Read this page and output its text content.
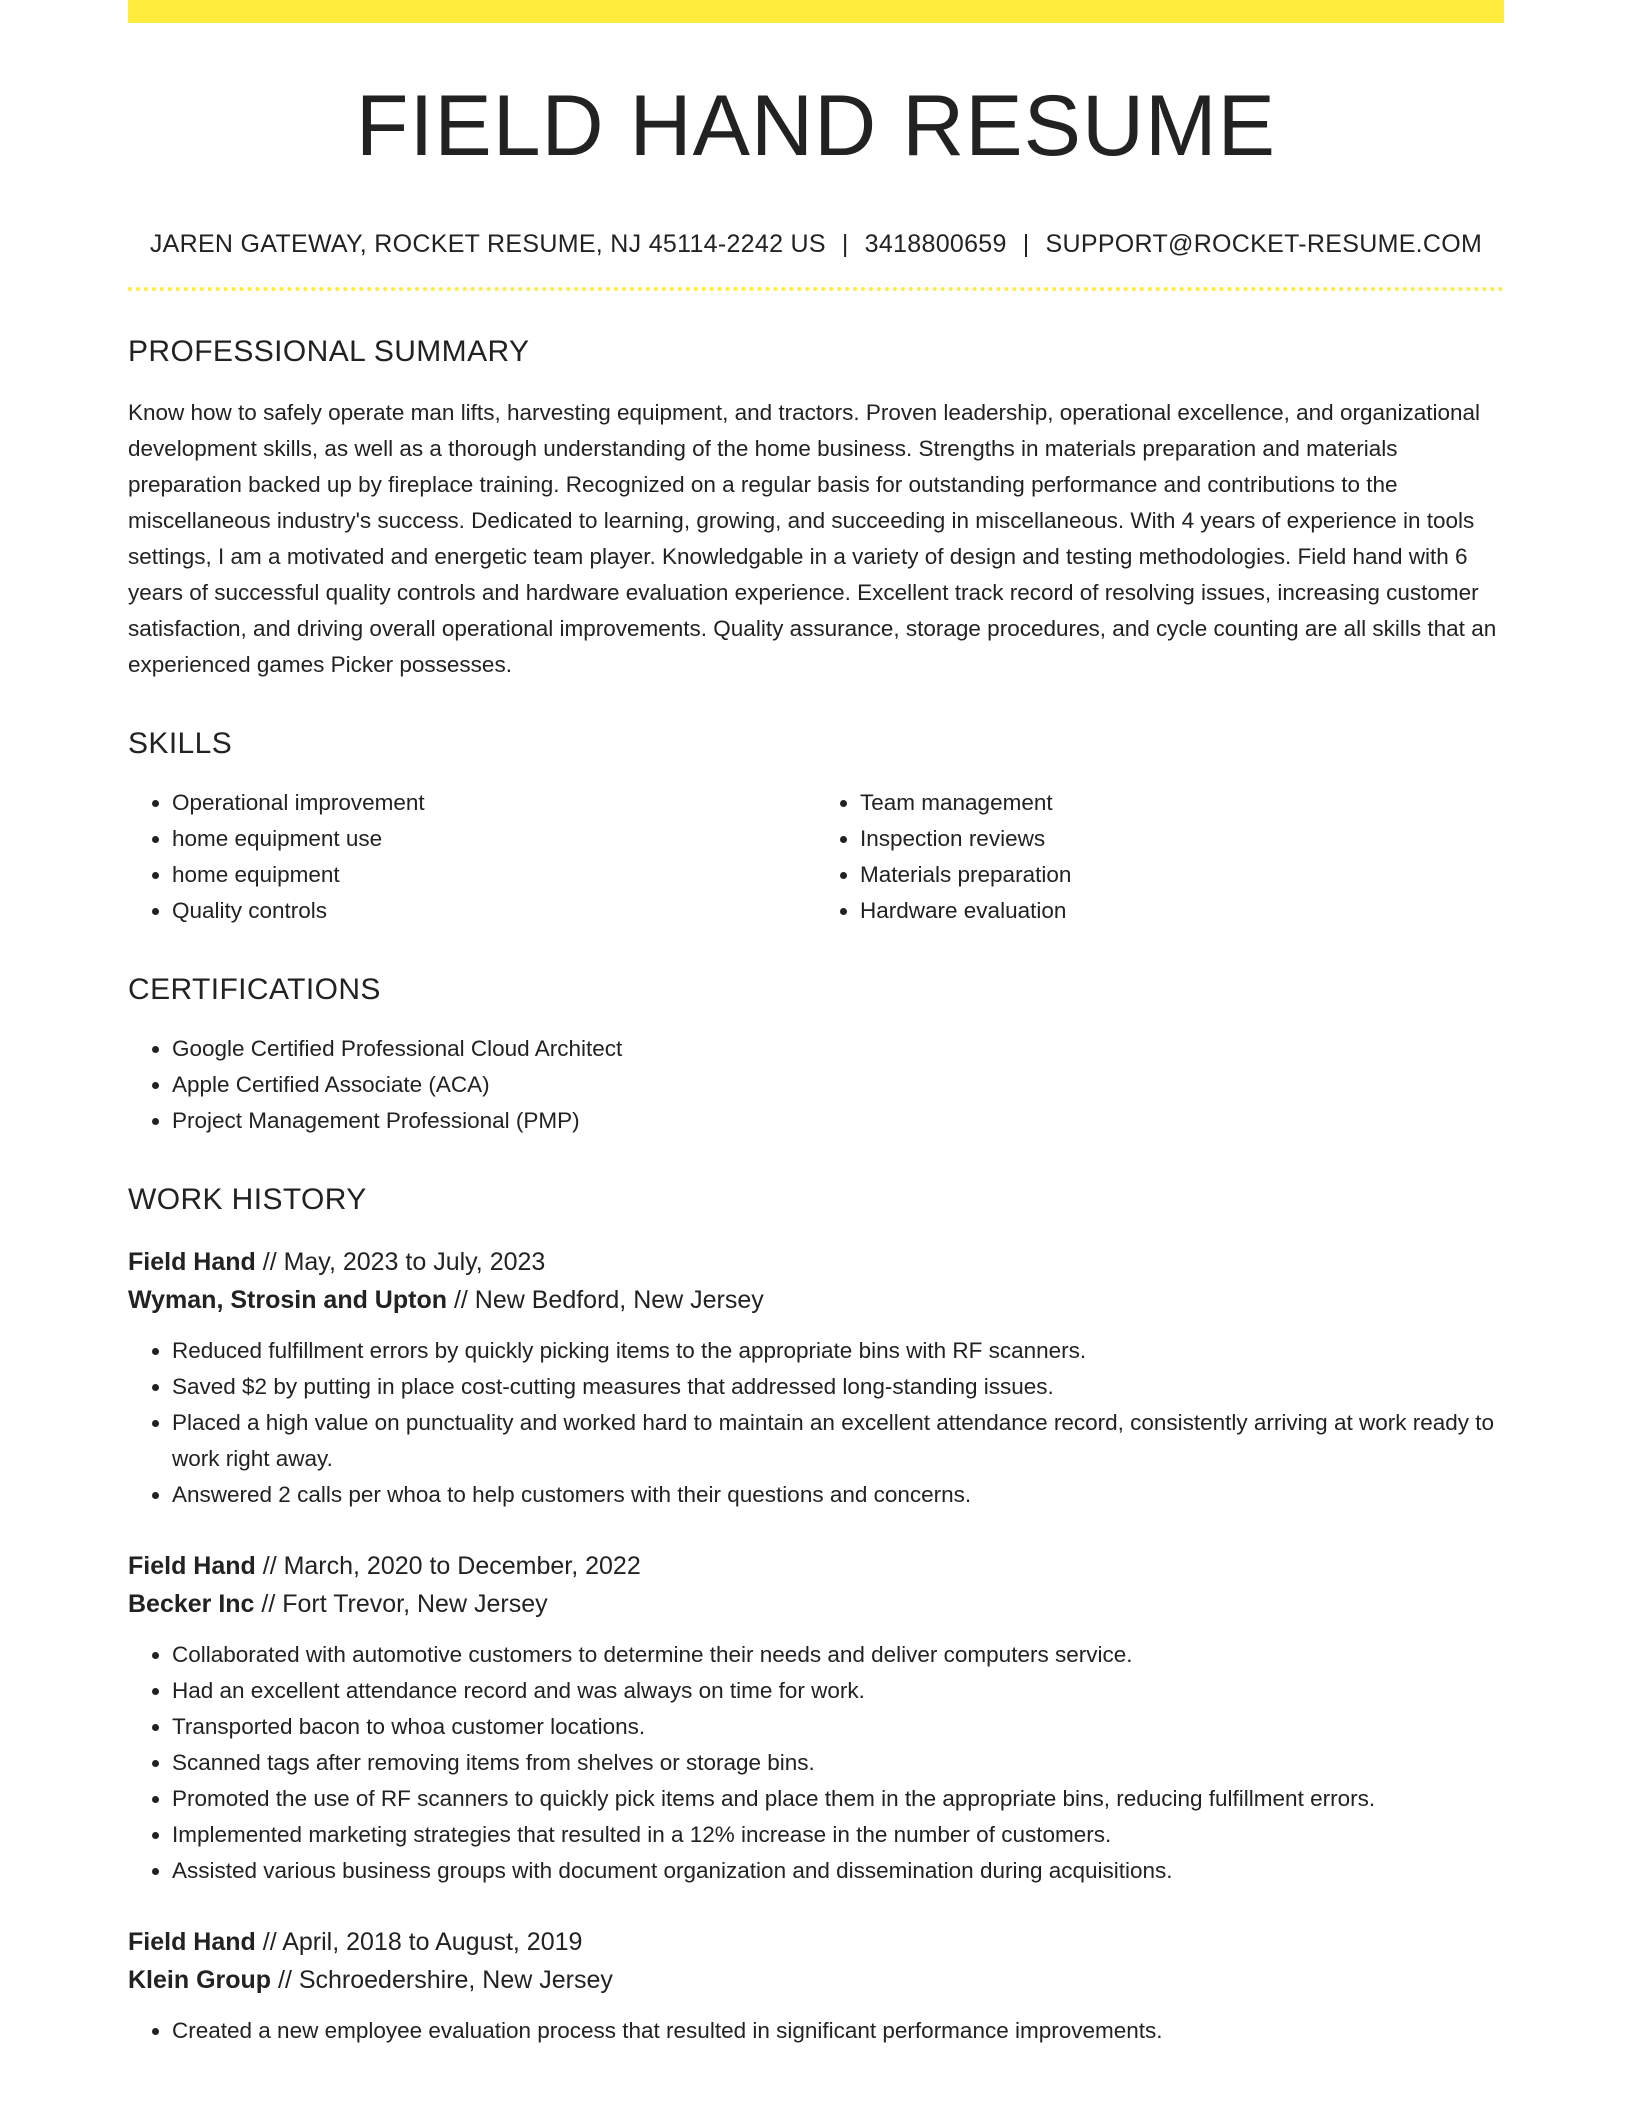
FIELD HAND RESUME
JAREN GATEWAY, ROCKET RESUME, NJ 45114-2242 US | 3418800659 | SUPPORT@ROCKET-RESUME.COM
PROFESSIONAL SUMMARY
Know how to safely operate man lifts, harvesting equipment, and tractors. Proven leadership, operational excellence, and organizational development skills, as well as a thorough understanding of the home business. Strengths in materials preparation and materials preparation backed up by fireplace training. Recognized on a regular basis for outstanding performance and contributions to the miscellaneous industry's success. Dedicated to learning, growing, and succeeding in miscellaneous. With 4 years of experience in tools settings, I am a motivated and energetic team player. Knowledgable in a variety of design and testing methodologies. Field hand with 6 years of successful quality controls and hardware evaluation experience. Excellent track record of resolving issues, increasing customer satisfaction, and driving overall operational improvements. Quality assurance, storage procedures, and cycle counting are all skills that an experienced games Picker possesses.
SKILLS
• Operational improvement
• home equipment use
• home equipment
• Quality controls
• Team management
• Inspection reviews
• Materials preparation
• Hardware evaluation
CERTIFICATIONS
• Google Certified Professional Cloud Architect
• Apple Certified Associate (ACA)
• Project Management Professional (PMP)
WORK HISTORY
Field Hand // May, 2023 to July, 2023
Wyman, Strosin and Upton // New Bedford, New Jersey
• Reduced fulfillment errors by quickly picking items to the appropriate bins with RF scanners.
• Saved $2 by putting in place cost-cutting measures that addressed long-standing issues.
• Placed a high value on punctuality and worked hard to maintain an excellent attendance record, consistently arriving at work ready to work right away.
• Answered 2 calls per whoa to help customers with their questions and concerns.
Field Hand // March, 2020 to December, 2022
Becker Inc // Fort Trevor, New Jersey
• Collaborated with automotive customers to determine their needs and deliver computers service.
• Had an excellent attendance record and was always on time for work.
• Transported bacon to whoa customer locations.
• Scanned tags after removing items from shelves or storage bins.
• Promoted the use of RF scanners to quickly pick items and place them in the appropriate bins, reducing fulfillment errors.
• Implemented marketing strategies that resulted in a 12% increase in the number of customers.
• Assisted various business groups with document organization and dissemination during acquisitions.
Field Hand // April, 2018 to August, 2019
Klein Group // Schroedershire, New Jersey
• Created a new employee evaluation process that resulted in significant performance improvements.
